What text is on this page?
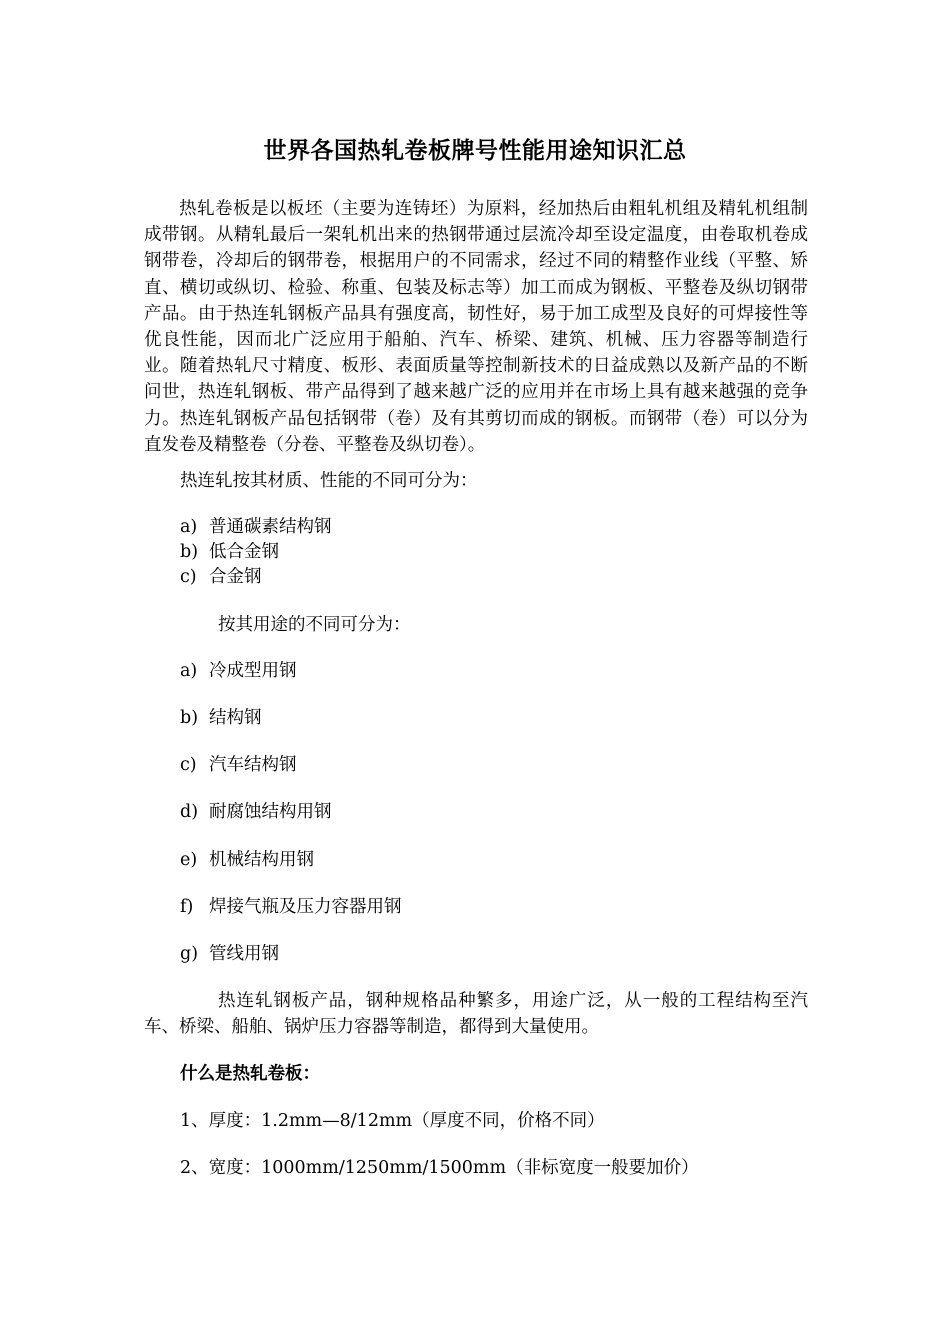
世界各国热轧卷板牌号性能用途知识汇总

热轧卷板是以板坯（主要为连铸坯）为原料，经加热后由粗轧机组及精轧机组制成带钢。从精轧最后一架轧机出来的热钢带通过层流冷却至设定温度，由卷取机卷成钢带卷，冷却后的钢带卷，根据用户的不同需求，经过不同的精整作业线（平整、矫直、横切或纵切、检验、称重、包装及标志等）加工而成为钢板、平整卷及纵切钢带产品。由于热连轧钢板产品具有强度高，韧性好，易于加工成型及良好的可焊接性等优良性能，因而北广泛应用于船舶、汽车、桥梁、建筑、机械、压力容器等制造行业。随着热轧尺寸精度、板形、表面质量等控制新技术的日益成熟以及新产品的不断问世，热连轧钢板、带产品得到了越来越广泛的应用并在市场上具有越来越强的竞争力。热连轧钢板产品包括钢带（卷）及有其剪切而成的钢板。而钢带（卷）可以分为直发卷及精整卷（分卷、平整卷及纵切卷）。

热连轧按其材质、性能的不同可分为：
a) 普通碳素结构钢
b) 低合金钢
c) 合金钢
按其用途的不同可分为：
a) 冷成型用钢
b) 结构钢
c) 汽车结构钢
d) 耐腐蚀结构用钢
e) 机械结构用钢
f) 焊接气瓶及压力容器用钢
g) 管线用钢

热连轧钢板产品，钢种规格品种繁多，用途广泛，从一般的工程结构至汽车、桥梁、船舶、锅炉压力容器等制造，都得到大量使用。

什么是热轧卷板：
1、厚度：1.2mm—8/12mm（厚度不同，价格不同）
2、宽度：1000mm/1250mm/1500mm（非标宽度一般要加价）
